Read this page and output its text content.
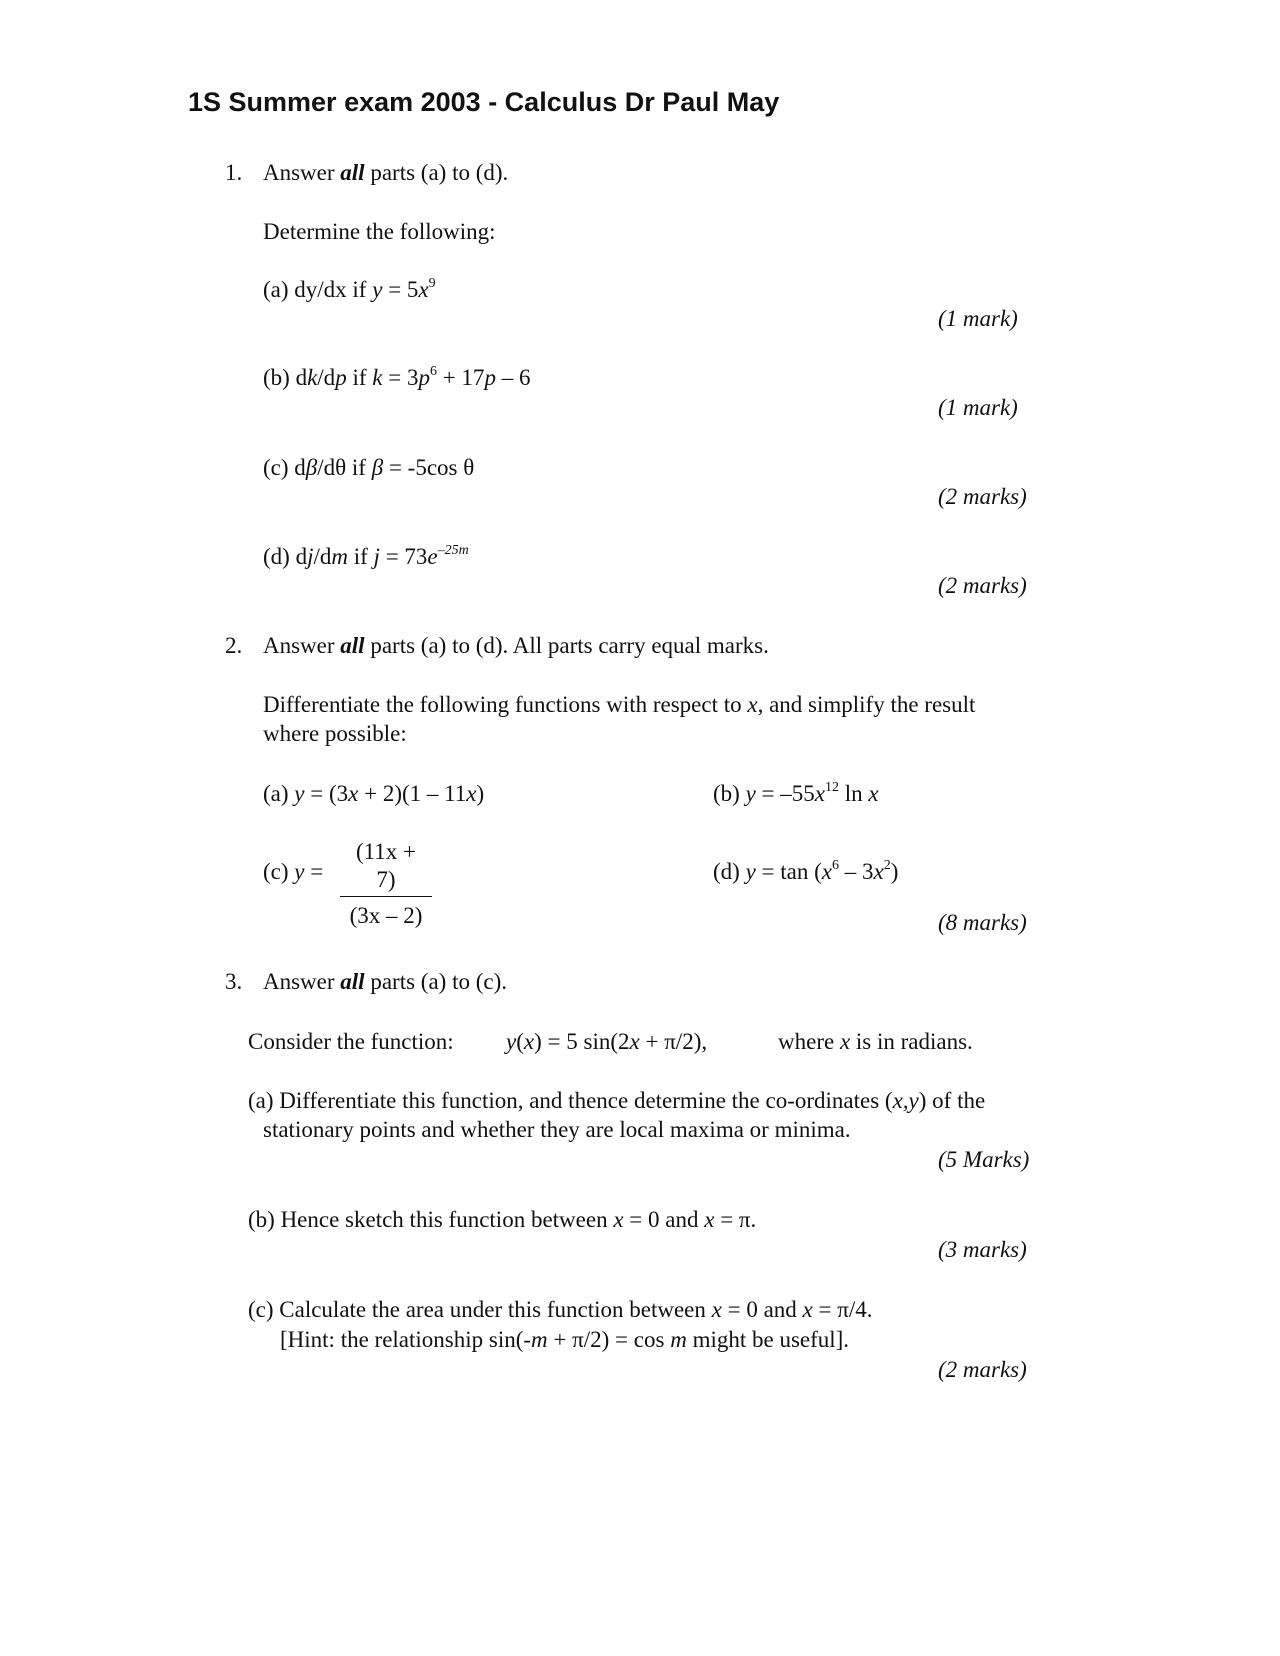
1S Summer exam 2003 - Calculus Dr Paul May
1. Answer all parts (a) to (d).
Determine the following:
(a) dy/dx if $y = 5x^9$
(1 mark)
(b) dk/dp if $k = 3p^6 + 17p - 6$
(1 mark)
(c) dβ/dθ if β = -5cos θ
(2 marks)
(d) dj/dm if $j = 73e^{-25m}$
(2 marks)
2. Answer all parts (a) to (d). All parts carry equal marks.
Differentiate the following functions with respect to x, and simplify the result
where possible:
(a) y = (3x + 2)(1 – 11x)	(b) $y = -55x^{12}$ ln x
(c) $y = \frac{(11x + 7)}{(3x - 2)}$	(d) $y = \tan (x^6 - 3x^2)$
(8 marks)
3. Answer all parts (a) to (c).
Consider the function: y(x) = 5 sin(2x + π/2),	where x is in radians.
(a) Differentiate this function, and thence determine the co-ordinates (x,y) of the
stationary points and whether they are local maxima or minima.
(5 Marks)
(b) Hence sketch this function between x = 0 and x = π.
(3 marks)
(c) Calculate the area under this function between x = 0 and x = π/4.
[Hint: the relationship sin(-m + π/2) = cos m might be useful].
(2 marks)
